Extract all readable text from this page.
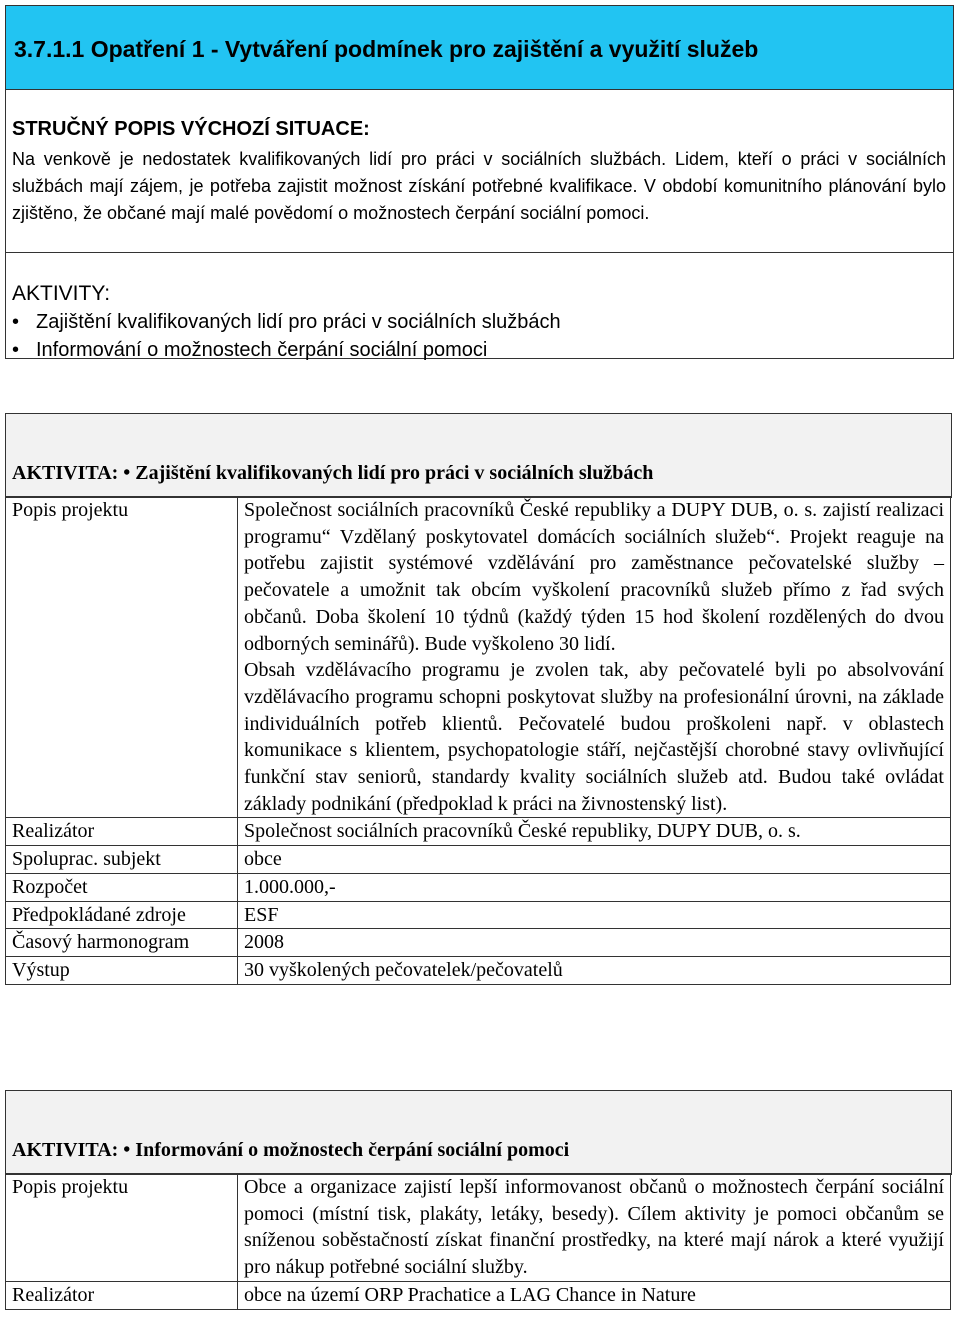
3.7.1.1 Opatření 1 - Vytváření podmínek pro zajištění a využití služeb
STRUČNÝ POPIS VÝCHOZÍ SITUACE:
Na venkově je nedostatek kvalifikovaných lidí pro práci v sociálních službách. Lidem, kteří o práci v sociálních službách mají zájem, je potřeba zajistit možnost získání potřebné kvalifikace. V období komunitního plánování bylo zjištěno, že občané mají malé povědomí o možnostech čerpání sociální pomoci.
AKTIVITY:
• Zajištění kvalifikovaných lidí pro práci v sociálních službách
• Informování o možnostech čerpání sociální pomoci
AKTIVITA: • Zajištění kvalifikovaných lidí pro práci v sociálních službách
Popis projektu	Společnost sociálních pracovníků České republiky a DUPY DUB, o. s. zajistí realizaci programu“ Vzdělaný poskytovatel domácích sociálních služeb“. Projekt reaguje na potřebu zajistit systémové vzdělávání pro zaměstnance pečovatelské služby – pečovatele a umožnit tak obcím vyškolení pracovníků služeb přímo z řad svých občanů. Doba školení 10 týdnů (každý týden 15 hod školení rozdělených do dvou odborných seminářů). Bude vyškoleno 30 lidí.
Obsah vzdělávacího programu je zvolen tak, aby pečovatelé byli po absolvování vzdělávacího programu schopni poskytovat služby na profesionální úrovni, na základe individuálních potřeb klientů. Pečovatelé budou proškoleni např. v oblastech komunikace s klientem, psychopatologie stáří, nejčastější chorobné stavy ovlivňující funkční stav seniorů, standardy kvality sociálních služeb atd. Budou také ovládat základy podnikání (předpoklad k práci na živnostenský list).

Realizátor	Společnost sociálních pracovníků České republiky, DUPY DUB, o. s.
Spoluprac. subjekt	obce
Rozpočet	1.000.000,-
Předpokládané zdroje	ESF
Časový harmonogram	2008
Výstup	30 vyškolených pečovatelek/pečovatelů
AKTIVITA: • Informování o možnostech čerpání sociální pomoci
Popis projektu	Obce a organizace zajistí lepší informovanost občanů o možnostech čerpání sociální pomoci (místní tisk, plakáty, letáky, besedy). Cílem aktivity je pomoci občanům se sníženou soběstačností získat finanční prostředky, na které mají nárok a které využijí pro nákup potřebné sociální služby.
Realizátor	obce na území ORP Prachatice a LAG Chance in Nature
